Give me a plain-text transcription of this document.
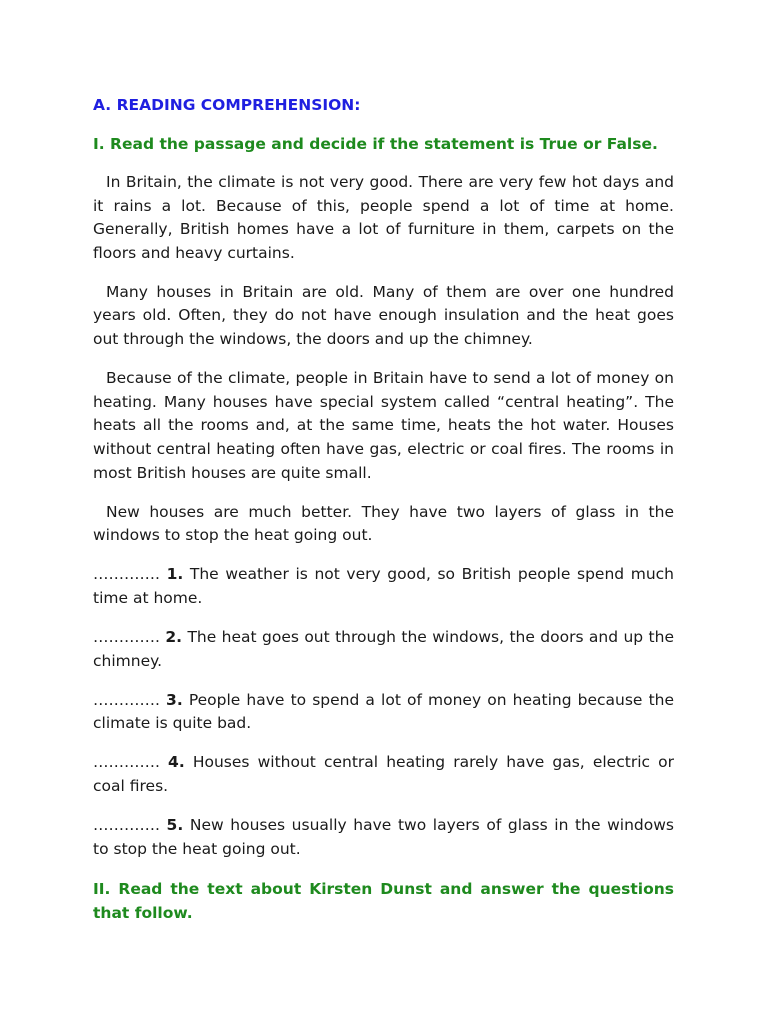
A. READING COMPREHENSION:
I. Read the passage and decide if the statement is True or False.

In Britain, the climate is not very good. There are very few hot days and it rains a lot. Because of this, people spend a lot of time at home. Generally, British homes have a lot of furniture in them, carpets on the floors and heavy curtains.

Many houses in Britain are old. Many of them are over one hundred years old. Often, they do not have enough insulation and the heat goes out through the windows, the doors and up the chimney.

Because of the climate, people in Britain have to send a lot of money on heating. Many houses have special system called “central heating”. The heats all the rooms and, at the same time, heats the hot water. Houses without central heating often have gas, electric or coal fires. The rooms in most British houses are quite small.

New houses are much better. They have two layers of glass in the windows to stop the heat going out.

…………. 1. The weather is not very good, so British people spend much time at home.

…………. 2. The heat goes out through the windows, the doors and up the chimney.

…………. 3. People have to spend a lot of money on heating because the climate is quite bad.

…………. 4. Houses without central heating rarely have gas, electric or coal fires.

…………. 5. New houses usually have two layers of glass in the windows to stop the heat going out.

II. Read the text about Kirsten Dunst and answer the questions that follow.
